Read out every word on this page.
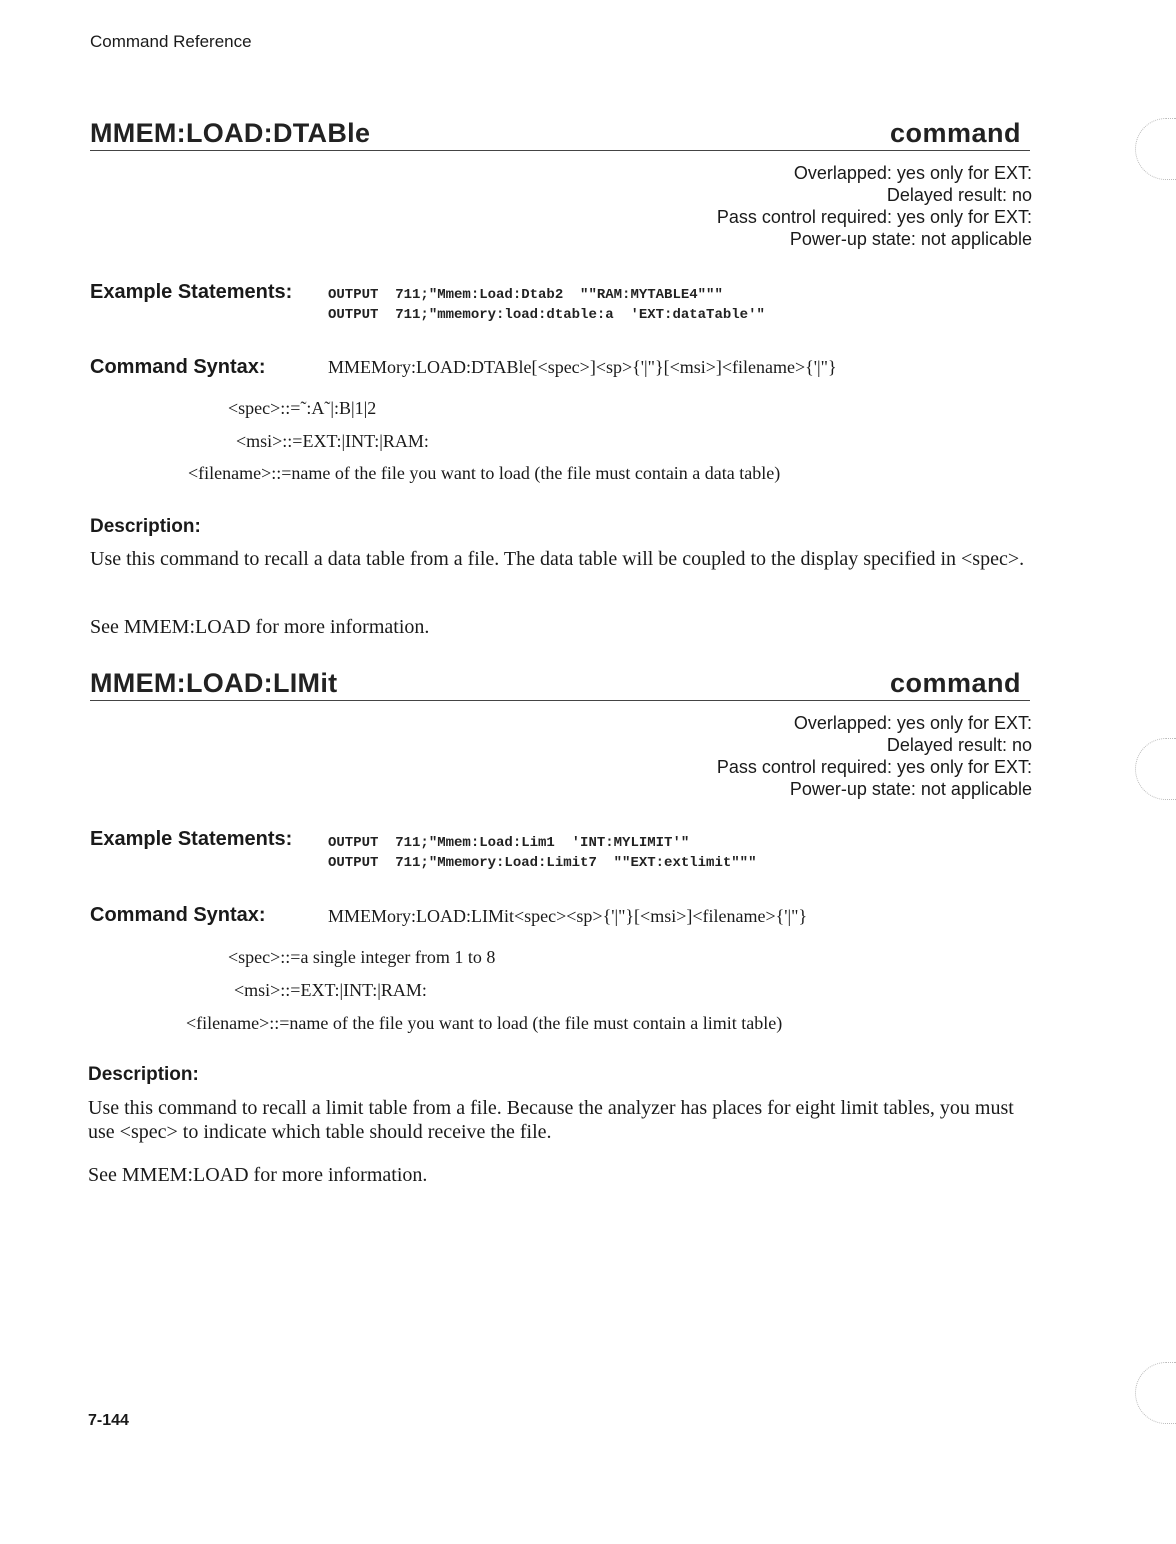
Command Reference
MMEM:LOAD:DTABle	command
Overlapped: yes only for EXT:
Delayed result: no
Pass control required: yes only for EXT:
Power-up state: not applicable
Example Statements:	OUTPUT  711;"Mmem:Load:Dtab2  ""RAM:MYTABLE4"""
OUTPUT  711;"mmemory:load:dtable:a  'EXT:dataTable'"
Command Syntax:	MMEMory:LOAD:DTABle[<spec>]<sp>{'|"}[<msi>]<filename>{'|"}
<spec>::=˜:A˜|:B|1|2
<msi>::=EXT:|INT:|RAM:
<filename>::=name of the file you want to load (the file must contain a data table)
Description:
Use this command to recall a data table from a file. The data table will be coupled to the display specified in <spec>.
See MMEM:LOAD for more information.
MMEM:LOAD:LIMit	command
Overlapped: yes only for EXT:
Delayed result: no
Pass control required: yes only for EXT:
Power-up state: not applicable
Example Statements:	OUTPUT  711;"Mmem:Load:Lim1  'INT:MYLIMIT'"
OUTPUT  711;"Mmemory:Load:Limit7  ""EXT:extlimit"""
Command Syntax:	MMEMory:LOAD:LIMit<spec><sp>{'|"}[<msi>]<filename>{'|"}
<spec>::=a single integer from 1 to 8
<msi>::=EXT:|INT:|RAM:
<filename>::=name of the file you want to load (the file must contain a limit table)
Description:
Use this command to recall a limit table from a file. Because the analyzer has places for eight limit tables, you must use <spec> to indicate which table should receive the file.
See MMEM:LOAD for more information.
7-144
